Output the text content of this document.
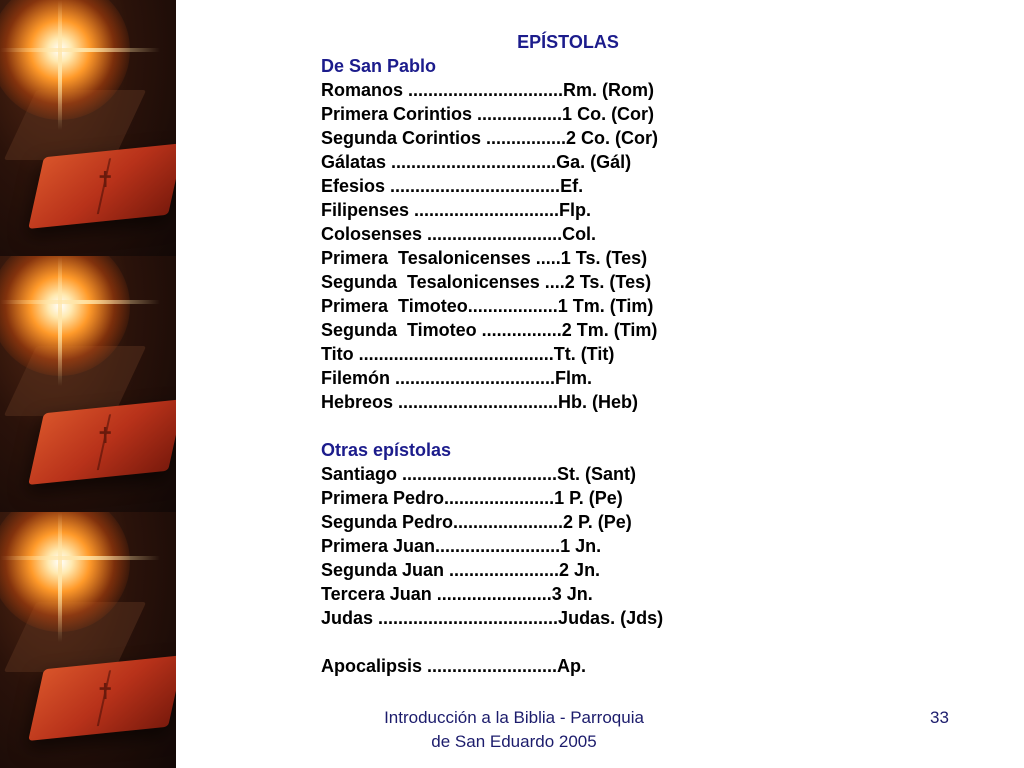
✝
✝
✝
EPÍSTOLAS
De San Pablo
Romanos ...............................Rm. (Rom)
Primera Corintios .................1 Co. (Cor)
Segunda Corintios ................2 Co. (Cor)
Gálatas .................................Ga. (Gál)
Efesios ..................................Ef.
Filipenses .............................Flp.
Colosenses ...........................Col.
Primera  Tesalonicenses .....1 Ts. (Tes)
Segunda  Tesalonicenses ....2 Ts. (Tes)
Primera  Timoteo..................1 Tm. (Tim)
Segunda  Timoteo ................2 Tm. (Tim)
Tito .......................................Tt. (Tit)
Filemón ................................Flm.
Hebreos ................................Hb. (Heb)
Otras epístolas
Santiago ...............................St. (Sant)
Primera Pedro......................1 P. (Pe)
Segunda Pedro......................2 P. (Pe)
Primera Juan.........................1 Jn.
Segunda Juan ......................2 Jn.
Tercera Juan .......................3 Jn.
Judas ....................................Judas. (Jds)
Apocalipsis ..........................Ap.
Introducción a la Biblia - Parroquia
de San Eduardo 2005
33
